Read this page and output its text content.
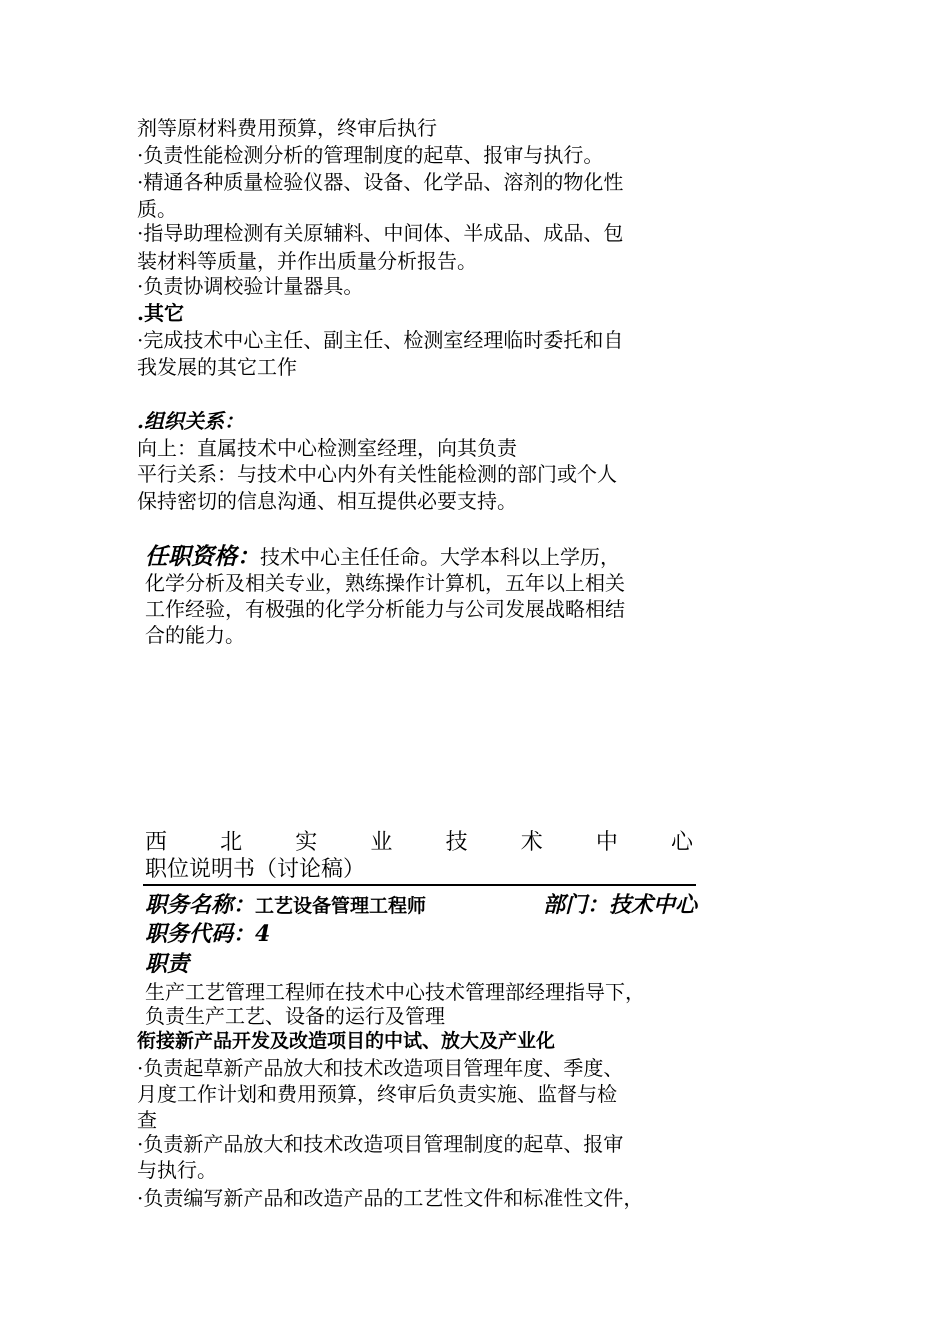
剂等原材料费用预算，终审后执行
·负责性能检测分析的管理制度的起草、报审与执行。
·精通各种质量检验仪器、设备、化学品、溶剂的物化性
质。
·指导助理检测有关原辅料、中间体、半成品、成品、包
装材料等质量，并作出质量分析报告。
·负责协调校验计量器具。
.其它
·完成技术中心主任、副主任、检测室经理临时委托和自
我发展的其它工作
.组织关系：
向上：直属技术中心检测室经理，向其负责
平行关系：与技术中心内外有关性能检测的部门或个人
保持密切的信息沟通、相互提供必要支持。
任职资格：技术中心主任任命。大学本科以上学历，
化学分析及相关专业，熟练操作计算机，五年以上相关
工作经验，有极强的化学分析能力与公司发展战略相结
合的能力。
西 北 实 业 技 术 中 心
职位说明书（讨论稿）
职务名称：工艺设备管理工程师	部门：技术中心
职务代码：4
职责
生产工艺管理工程师在技术中心技术管理部经理指导下，
负责生产工艺、设备的运行及管理
衔接新产品开发及改造项目的中试、放大及产业化
·负责起草新产品放大和技术改造项目管理年度、季度、
月度工作计划和费用预算，终审后负责实施、监督与检
查
·负责新产品放大和技术改造项目管理制度的起草、报审
与执行。
·负责编写新产品和改造产品的工艺性文件和标准性文件，
